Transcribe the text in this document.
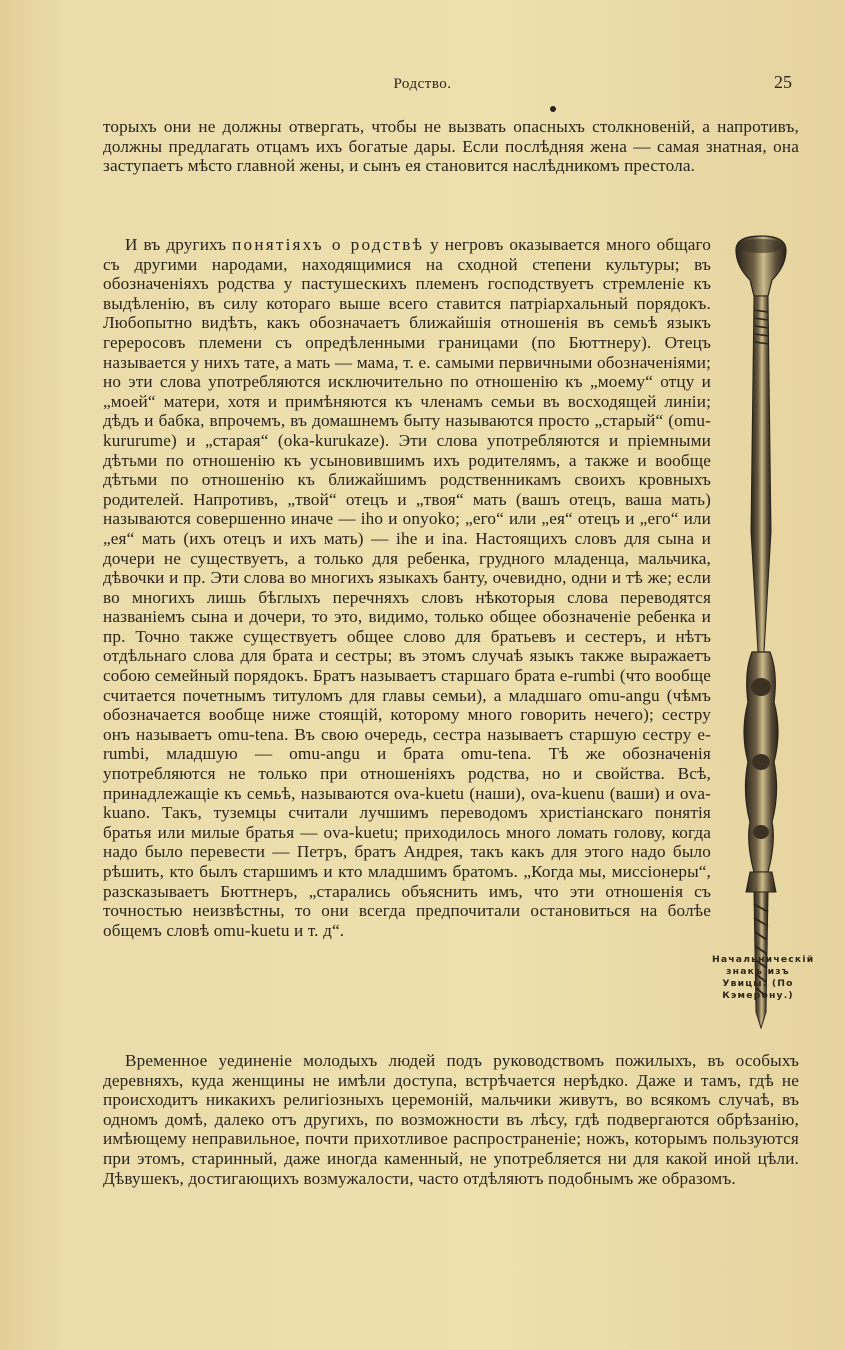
Родство.	25

торыхъ они не должны отвергать, чтобы не вызвать опасныхъ столкновеній, а напротивъ, должны предлагать отцамъ ихъ богатые дары. Если послѣдняя жена — самая знатная, она заступаетъ мѣсто главной жены, и сынъ ея становится наслѣдникомъ престола.

И въ другихъ понятіяхъ о родствѣ у негровъ оказывается много общаго съ другими народами, находящимися на сходной степени культуры; въ обозначеніяхъ родства у пастушескихъ племенъ господствуетъ стремленіе къ выдѣленію, въ силу котораго выше всего ставится патріархальный порядокъ. Любопытно видѣть, какъ обозначаетъ ближайшія отношенія въ семьѣ языкъ гереросовъ племени съ опредѣленными границами (по Бюттнеру). Отецъ называется у нихъ тате, а мать — мама, т. е. самыми первичными обозначеніями; но эти слова употребляются исключительно по отношенію къ „моему“ отцу и „моей“ матери, хотя и примѣняются къ членамъ семьи въ восходящей линіи; дѣдъ и бабка, впрочемъ, въ домашнемъ быту называются просто „старый“ (omu-kururume) и „старая“ (oka-kurukaze). Эти слова употребляются и пріемными дѣтьми по отношенію къ усыновившимъ ихъ родителямъ, а также и вообще дѣтьми по отношенію къ ближайшимъ родственникамъ своихъ кровныхъ родителей. Напротивъ, „твой“ отецъ и „твоя“ мать (вашъ отецъ, ваша мать) называются совершенно иначе — iho и onyoko; „его“ или „ея“ отецъ и „его“ или „ея“ мать (ихъ отецъ и ихъ мать) — ihe и ina. Настоящихъ словъ для сына и дочери не существуетъ, а только для ребенка, грудного младенца, мальчика, дѣвочки и пр. Эти слова во многихъ языкахъ банту, очевидно, одни и тѣ же; если во многихъ лишь бѣглыхъ перечняхъ словъ нѣкоторыя слова переводятся названіемъ сына и дочери, то это, видимо, только общее обозначеніе ребенка и пр. Точно также существуетъ общее слово для братьевъ и сестеръ, и нѣтъ отдѣльнаго слова для брата и сестры; въ этомъ случаѣ языкъ также выражаетъ собою семейный порядокъ. Братъ называетъ старшаго брата e-rumbi (что вообще считается почетнымъ титуломъ для главы семьи), а младшаго omu-angu (чѣмъ обозначается вообще ниже стоящій, которому много говорить нечего); сестру онъ называетъ omu-tena. Въ свою очередь, сестра называетъ старшую сестру e-rumbi, младшую — omu-angu и брата omu-tena. Тѣ же обозначенія употребляются не только при отношеніяхъ родства, но и свойства. Всѣ, принадлежащіе къ семьѣ, называются ova-kuetu (наши), ova-kuenu (ваши) и ova-kuano. Такъ, туземцы считали лучшимъ переводомъ христіанскаго понятія братья или милые братья — ova-kuetu; приходилось много ломать голову, когда надо было перевести — Петръ, братъ Андрея, такъ какъ для этого надо было рѣшить, кто былъ старшимъ и кто младшимъ братомъ. „Когда мы, миссіонеры“, разсказываетъ Бюттнеръ, „старались объяснить имъ, что эти отношенія съ точностью неизвѣстны, то они всегда предпочитали остановиться на болѣе общемъ словѣ omu-kuetu и т. д“.

Временное уединеніе молодыхъ людей подъ руководствомъ пожилыхъ, въ особыхъ деревняхъ, куда женщины не имѣли доступа, встрѣчается нерѣдко. Даже и тамъ, гдѣ не происходитъ никакихъ религіозныхъ церемоній, мальчики живутъ, во всякомъ случаѣ, въ одномъ домѣ, далеко отъ другихъ, по возможности въ лѣсу, гдѣ подвергаются обрѣзанію, имѣющему неправильное, почти прихотливое распространеніе; ножъ, которымъ пользуются при этомъ, старинный, даже иногда каменный, не употребляется ни для какой иной цѣли. Дѣвушекъ, достигающихъ возмужалости, часто отдѣляютъ подобнымъ же образомъ.

Начальническій знакъ изъ Увицы. (По Кэмерону.)
